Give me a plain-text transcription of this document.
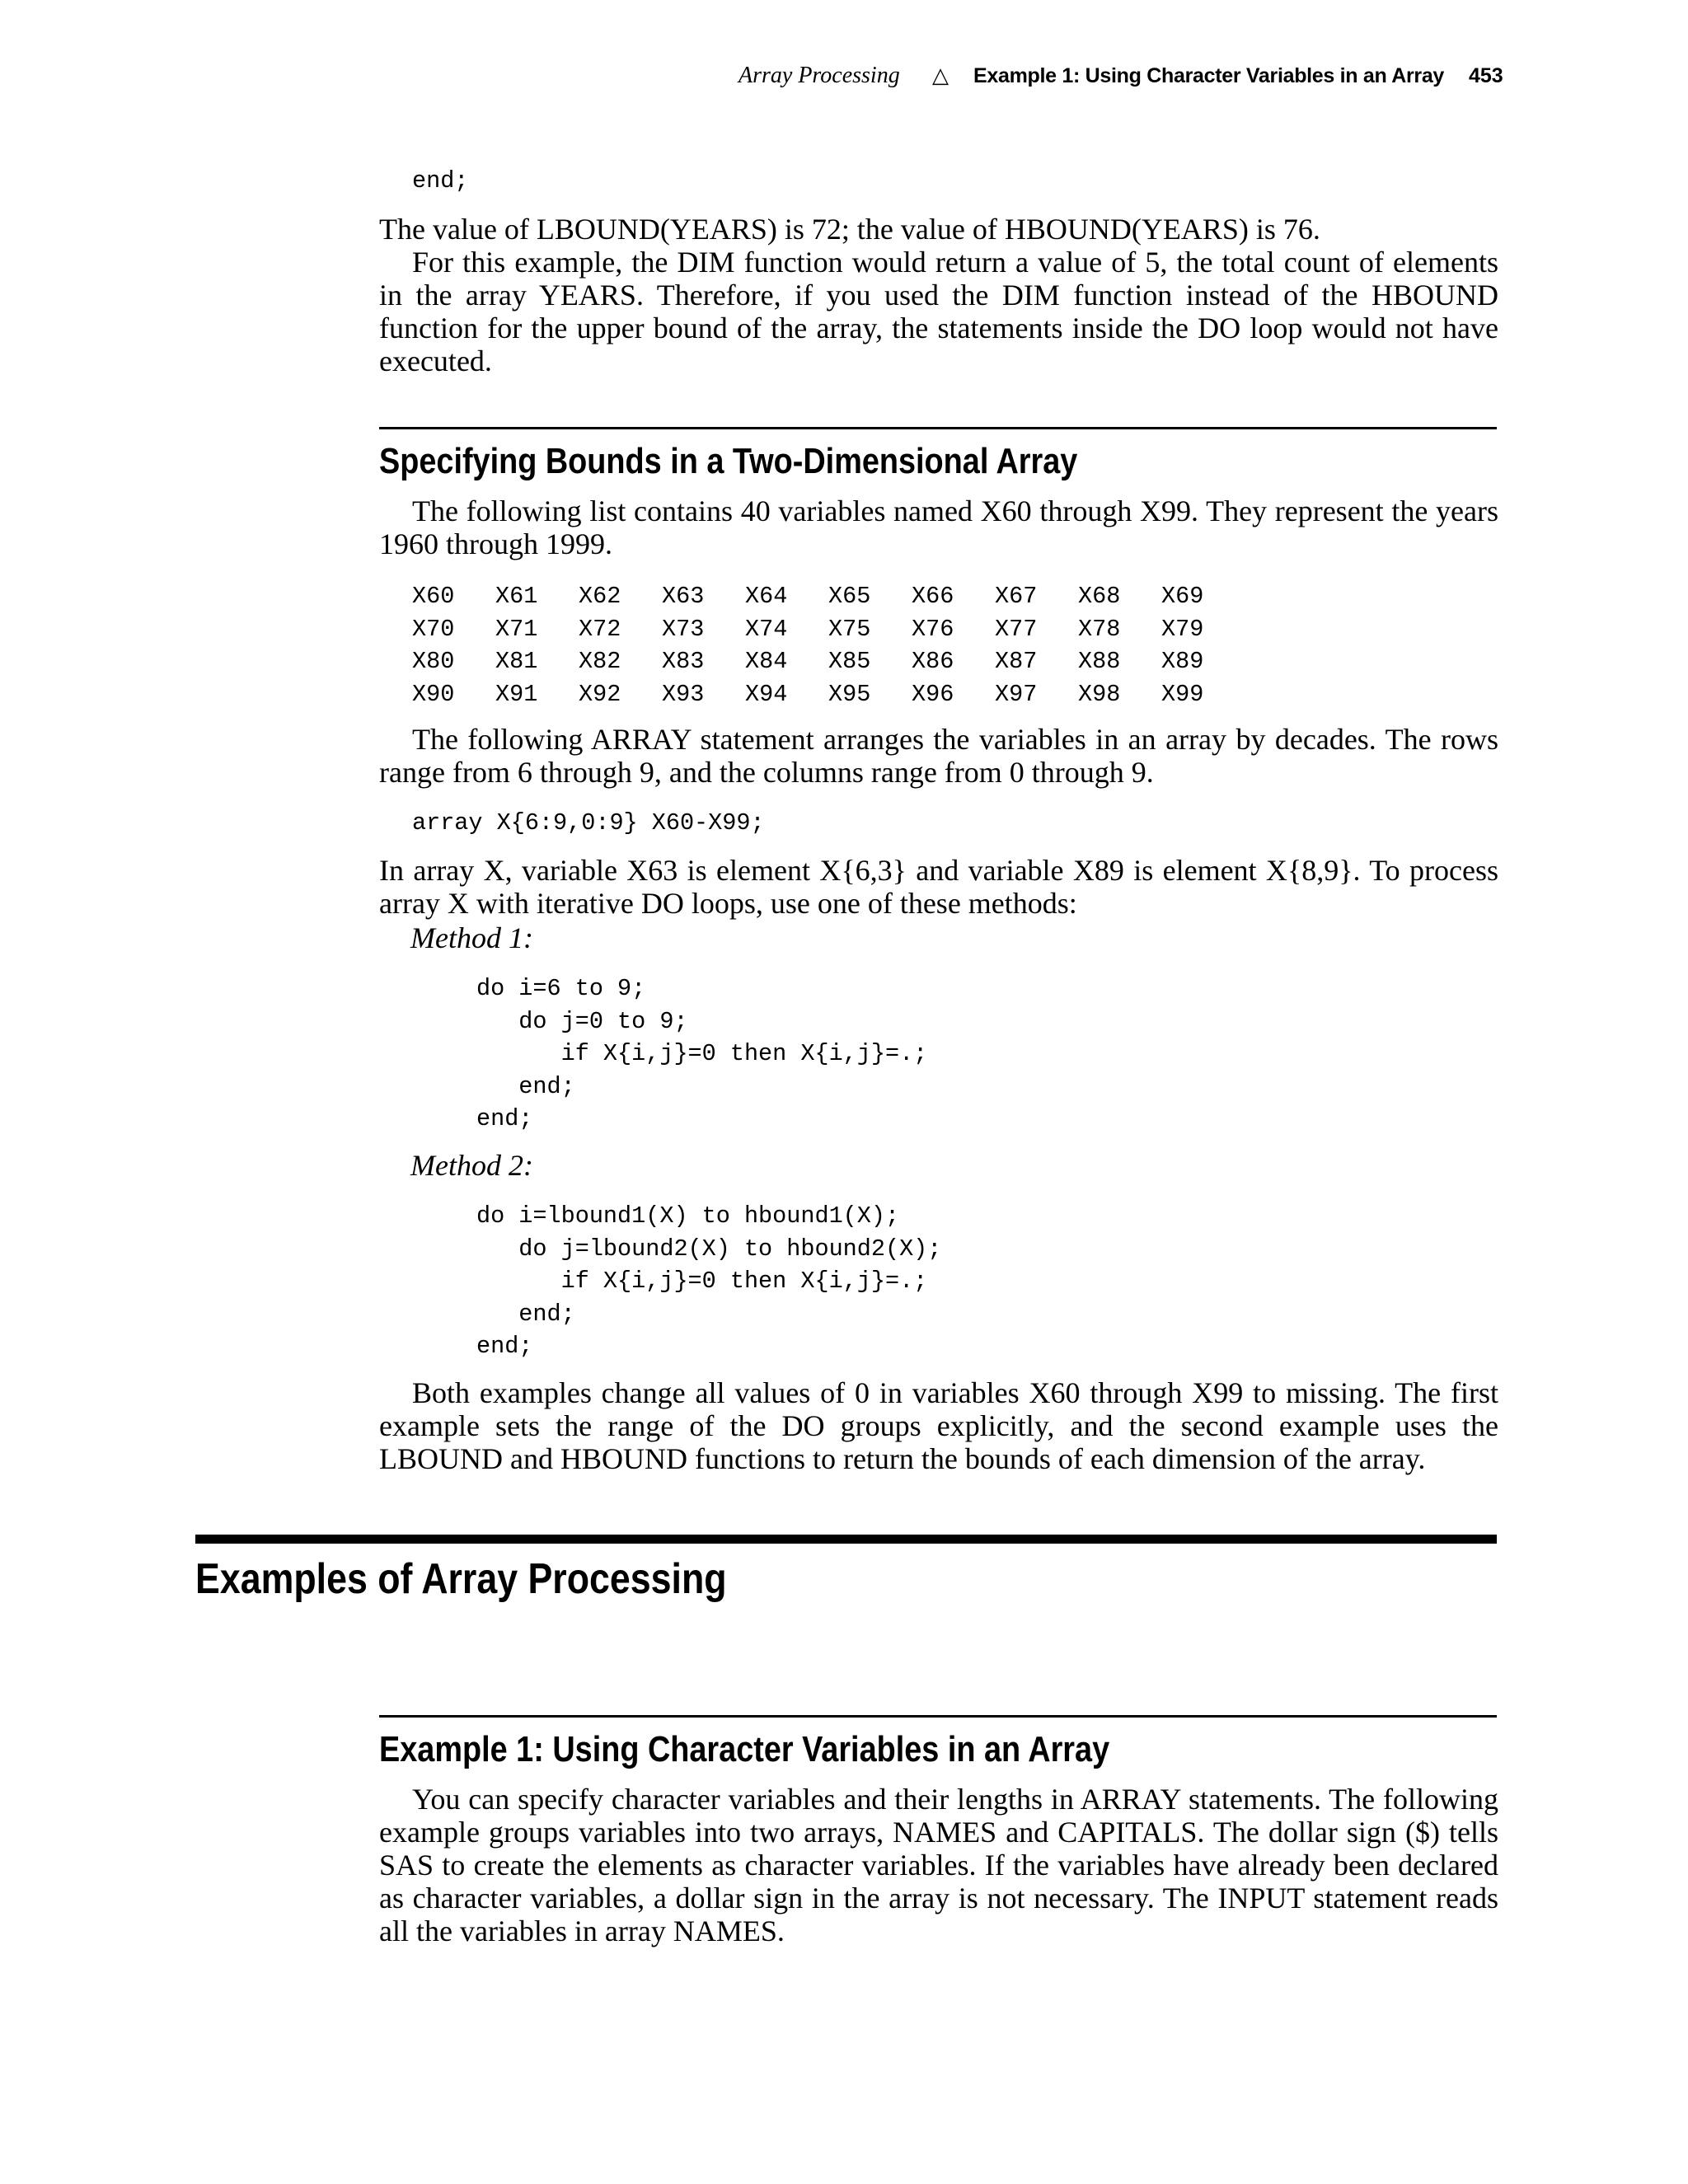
Array Processing △ Example 1: Using Character Variables in an Array 453
end;

The value of LBOUND(YEARS) is 72; the value of HBOUND(YEARS) is 76.

For this example, the DIM function would return a value of 5, the total count of elements in the array YEARS. Therefore, if you used the DIM function instead of the HBOUND function for the upper bound of the array, the statements inside the DO loop would not have executed.

Specifying Bounds in a Two-Dimensional Array

The following list contains 40 variables named X60 through X99. They represent the years 1960 through 1999.

X60 X61 X62 X63 X64 X65 X66 X67 X68 X69
X70 X71 X72 X73 X74 X75 X76 X77 X78 X79
X80 X81 X82 X83 X84 X85 X86 X87 X88 X89
X90 X91 X92 X93 X94 X95 X96 X97 X98 X99

The following ARRAY statement arranges the variables in an array by decades. The rows range from 6 through 9, and the columns range from 0 through 9.

array X{6:9,0:9} X60-X99;

In array X, variable X63 is element X{6,3} and variable X89 is element X{8,9}. To process array X with iterative DO loops, use one of these methods:

Method 1:

do i=6 to 9;
do j=0 to 9;
if X{i,j}=0 then X{i,j}=.;
end;
end;

Method 2:

do i=lbound1(X) to hbound1(X);
do j=lbound2(X) to hbound2(X);
if X{i,j}=0 then X{i,j}=.;
end;
end;

Both examples change all values of 0 in variables X60 through X99 to missing. The first example sets the range of the DO groups explicitly, and the second example uses the LBOUND and HBOUND functions to return the bounds of each dimension of the array.

Examples of Array Processing
Example 1: Using Character Variables in an Array

You can specify character variables and their lengths in ARRAY statements. The following example groups variables into two arrays, NAMES and CAPITALS. The dollar sign ($) tells SAS to create the elements as character variables. If the variables have already been declared as character variables, a dollar sign in the array is not necessary. The INPUT statement reads all the variables in array NAMES.
